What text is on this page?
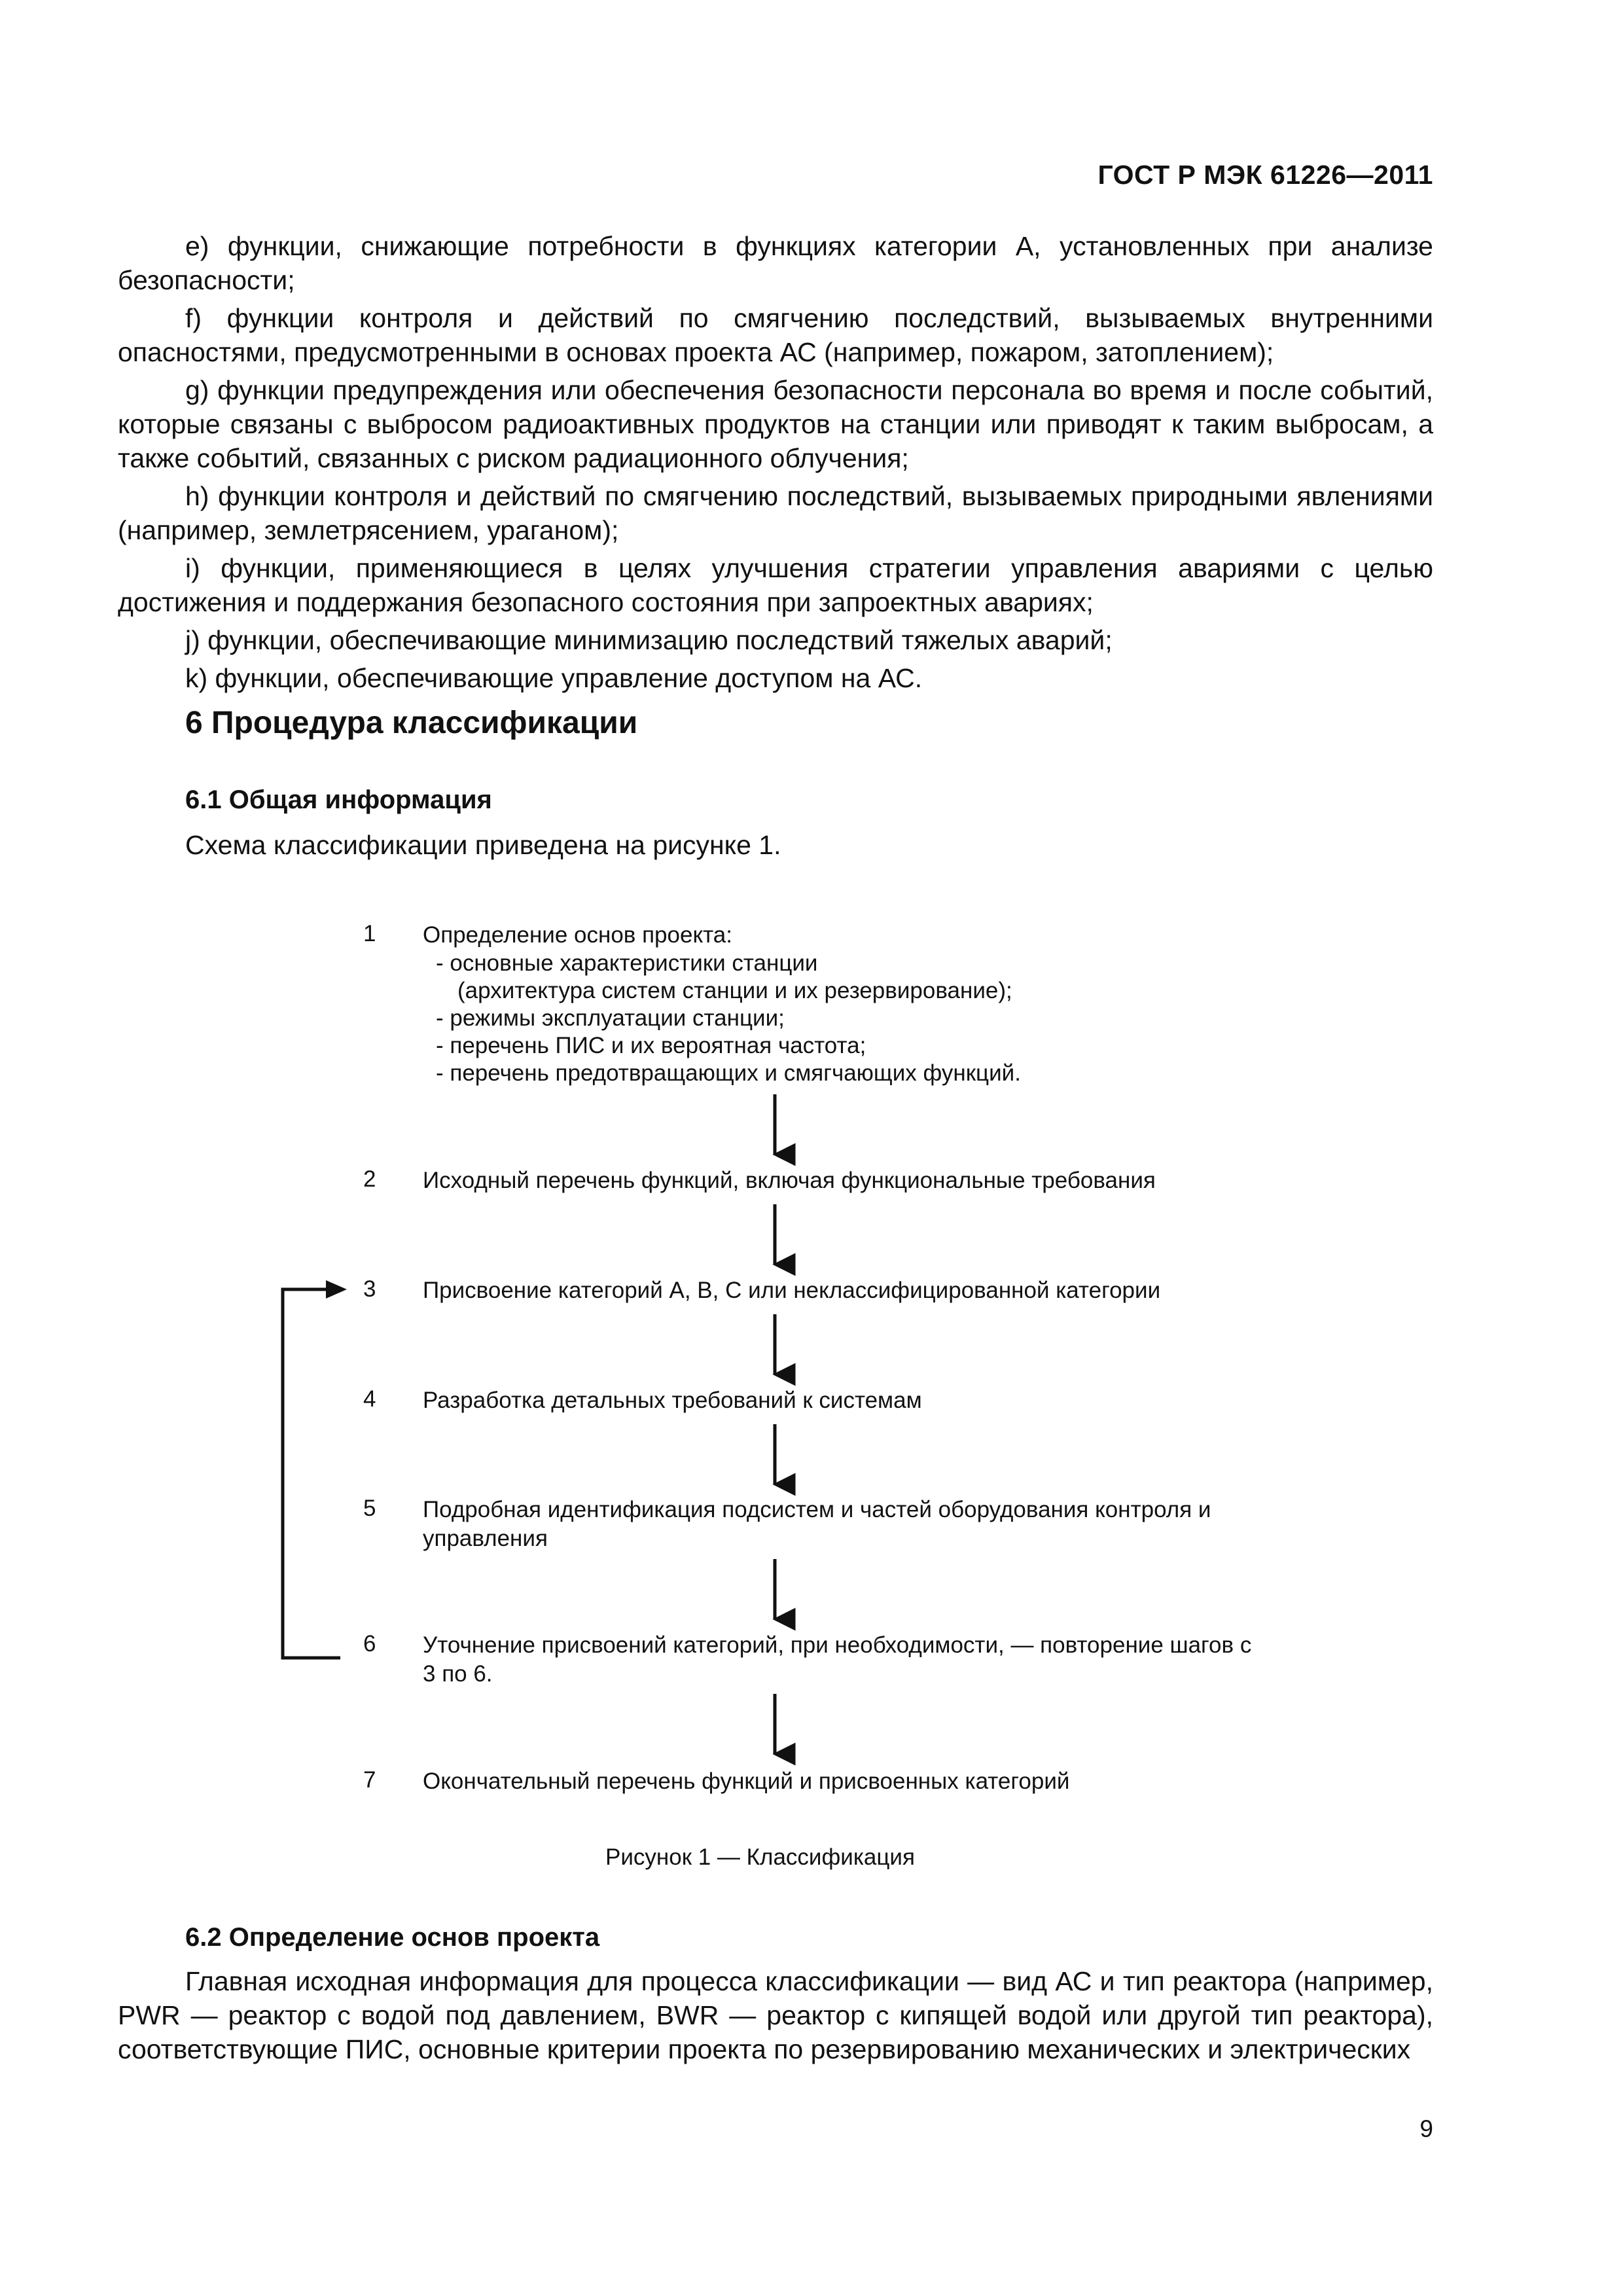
ГОСТ Р МЭК 61226—2011

e) функции, снижающие потребности в функциях категории А, установленных при анализе безопасности;

f) функции контроля и действий по смягчению последствий, вызываемых внутренними опасностями, предусмотренными в основах проекта АС (например, пожаром, затоплением);

g) функции предупреждения или обеспечения безопасности персонала во время и после событий, которые связаны с выбросом радиоактивных продуктов на станции или приводят к таким выбросам, а также событий, связанных с риском радиационного облучения;

h) функции контроля и действий по смягчению последствий, вызываемых природными явлениями (например, землетрясением, ураганом);

i) функции, применяющиеся в целях улучшения стратегии управления авариями с целью достижения и поддержания безопасного состояния при запроектных авариях;

j) функции, обеспечивающие минимизацию последствий тяжелых аварий;

k) функции, обеспечивающие управление доступом на АС.

6 Процедура классификации
6.1 Общая информация
Схема классификации приведена на рисунке 1.
1 Определение основ проекта:
- основные характеристики станции
(архитектура систем станции и их резервирование);
- режимы эксплуатации станции;
- перечень ПИС и их вероятная частота;
- перечень предотвращающих и смягчающих функций.
2 Исходный перечень функций, включая функциональные требования
3 Присвоение категорий А, В, С или неклассифицированной категории
4 Разработка детальных требований к системам
5 Подробная идентификация подсистем и частей оборудования контроля и управления
6 Уточнение присвоений категорий, при необходимости, — повторение шагов с 3 по 6.
7 Окончательный перечень функций и присвоенных категорий
Рисунок 1 — Классификация
6.2 Определение основ проекта

Главная исходная информация для процесса классификации — вид АС и тип реактора (например, PWR — реактор с водой под давлением, BWR — реактор с кипящей водой или другой тип реактора), соответствующие ПИС, основные критерии проекта по резервированию механических и электрических

9
